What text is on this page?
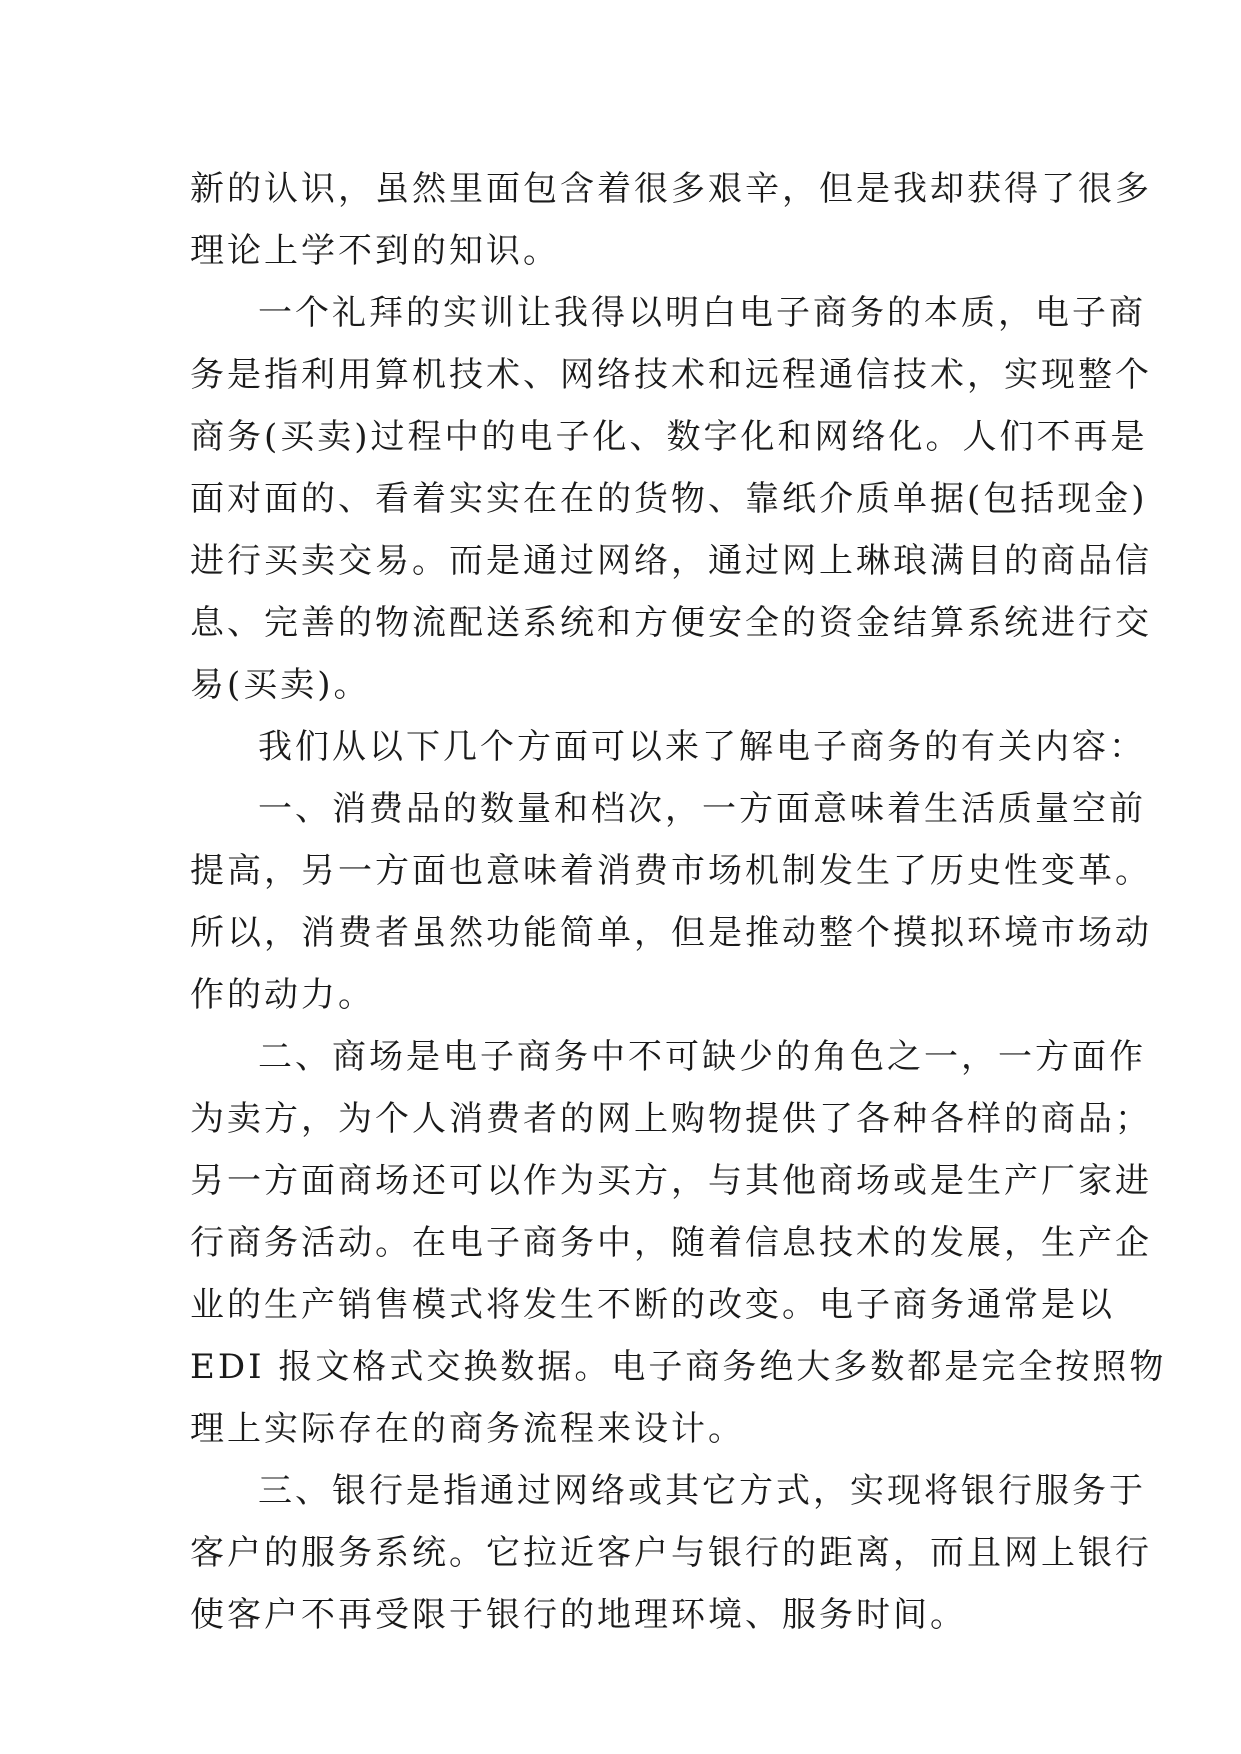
新的认识，虽然里面包含着很多艰辛，但是我却获得了很多
理论上学不到的知识。
一个礼拜的实训让我得以明白电子商务的本质，电子商
务是指利用算机技术、网络技术和远程通信技术，实现整个
商务(买卖)过程中的电子化、数字化和网络化。人们不再是
面对面的、看着实实在在的货物、靠纸介质单据(包括现金)
进行买卖交易。而是通过网络，通过网上琳琅满目的商品信
息、完善的物流配送系统和方便安全的资金结算系统进行交
易(买卖)。
我们从以下几个方面可以来了解电子商务的有关内容：
一、消费品的数量和档次，一方面意味着生活质量空前
提高，另一方面也意味着消费市场机制发生了历史性变革。
所以，消费者虽然功能简单，但是推动整个摸拟环境市场动
作的动力。
二、商场是电子商务中不可缺少的角色之一，一方面作
为卖方，为个人消费者的网上购物提供了各种各样的商品；
另一方面商场还可以作为买方，与其他商场或是生产厂家进
行商务活动。在电子商务中，随着信息技术的发展，生产企
业的生产销售模式将发生不断的改变。电子商务通常是以
EDI 报文格式交换数据。电子商务绝大多数都是完全按照物
理上实际存在的商务流程来设计。
三、银行是指通过网络或其它方式，实现将银行服务于
客户的服务系统。它拉近客户与银行的距离，而且网上银行
使客户不再受限于银行的地理环境、服务时间。
